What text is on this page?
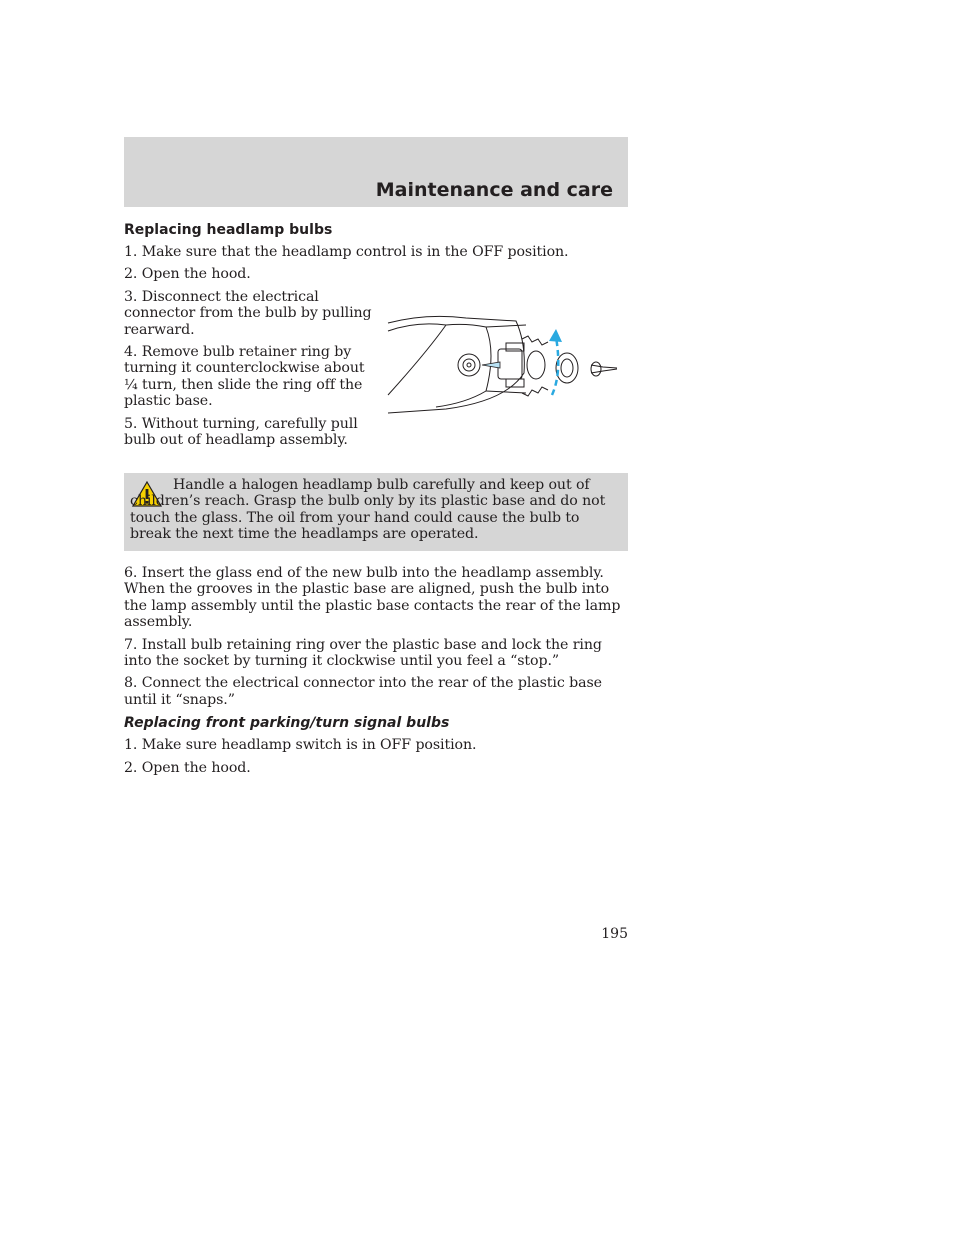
Maintenance and care
Replacing headlamp bulbs

1. Make sure that the headlamp control is in the OFF position.

2. Open the hood.

3. Disconnect the electrical connector from the bulb by pulling rearward.

4. Remove bulb retainer ring by turning it counterclockwise about ¼ turn, then slide the ring off the plastic base.

5. Without turning, carefully pull bulb out of headlamp assembly.

Handle a halogen headlamp bulb carefully and keep out of children’s reach. Grasp the bulb only by its plastic base and do not touch the glass. The oil from your hand could cause the bulb to break the next time the headlamps are operated.

6. Insert the glass end of the new bulb into the headlamp assembly. When the grooves in the plastic base are aligned, push the bulb into the lamp assembly until the plastic base contacts the rear of the lamp assembly.

7. Install bulb retaining ring over the plastic base and lock the ring into the socket by turning it clockwise until you feel a “stop.”

8. Connect the electrical connector into the rear of the plastic base until it “snaps.”

Replacing front parking/turn signal bulbs

1. Make sure headlamp switch is in OFF position.

2. Open the hood.

195
